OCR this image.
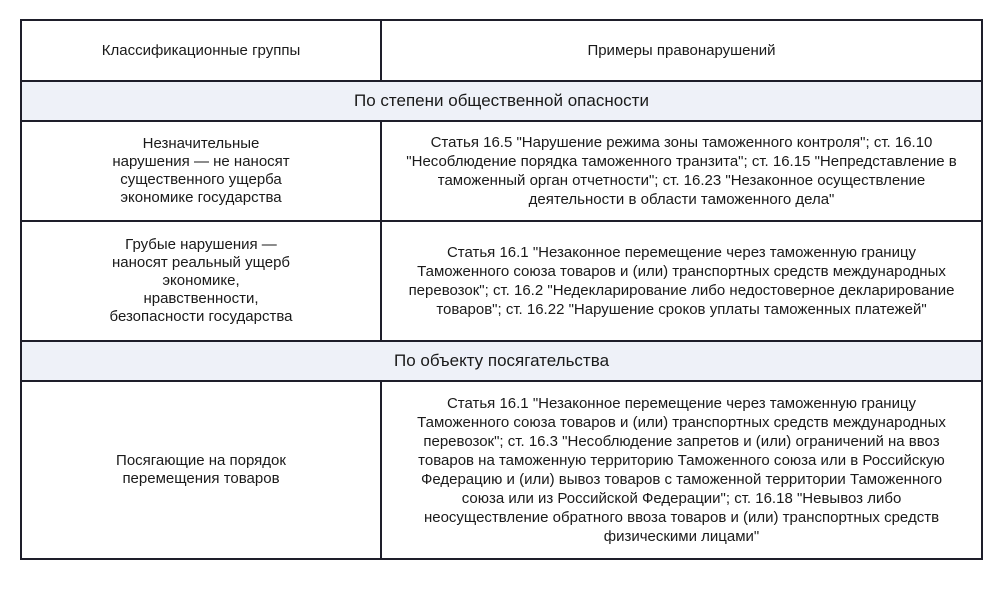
Классификационные группы	Примеры правонарушений
По степени общественной опасности	
Незначительные нарушения — не наносят существенного ущерба экономике государства	Статья 16.5 "Нарушение режима зоны таможенного контроля"; ст. 16.10 "Несоблюдение порядка таможенного транзита"; ст. 16.15 "Непредставление в таможенный орган отчетности"; ст. 16.23 "Незаконное осуществление деятельности в области таможенного дела"
Грубые нарушения — наносят реальный ущерб экономике, нравственности, безопасности государства	Статья 16.1 "Незаконное перемещение через таможенную границу Таможенного союза товаров и (или) транспортных средств международных перевозок"; ст. 16.2 "Недекларирование либо недостоверное декларирование товаров"; ст. 16.22 "Нарушение сроков уплаты таможенных платежей"
По объекту посягательства	
Посягающие на порядок перемещения товаров	Статья 16.1 "Незаконное перемещение через таможенную границу Таможенного союза товаров и (или) транспортных средств международных перевозок"; ст. 16.3 "Несоблюдение запретов и (или) ограничений на ввоз товаров на таможенную территорию Таможенного союза или в Российскую Федерацию и (или) вывоз товаров с таможенной территории Таможенного союза или из Российской Федерации"; ст. 16.18 "Невывоз либо неосуществление обратного ввоза товаров и (или) транспортных средств физическими лицами"
